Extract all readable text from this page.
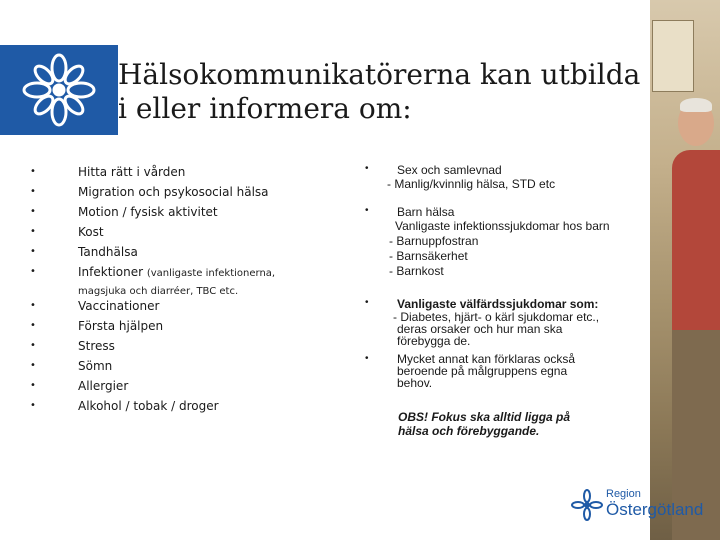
Hälsokommunikatörerna kan utbilda
i eller informera om:
•	Hitta rätt i vården
•	Migration och psykosocial hälsa
•	Motion / fysisk aktivitet
•	Kost
•	Tandhälsa
•	Infektioner (vanligaste infektionerna,
magsjuka och diarréer, TBC etc.
•	Vaccinationer
•	Första hjälpen
•	Stress
•	Sömn
•	Allergier
•	Alkohol / tobak / droger
•	Sex och samlevnad
- Manlig/kvinnlig hälsa, STD etc
•	Barn hälsa
Vanligaste infektionssjukdomar hos barn
- Barnuppfostran
- Barnsäkerhet
- Barnkost
•	Vanligaste välfärdssjukdomar som:
- Diabetes, hjärt- o kärl sjukdomar etc.,
deras orsaker och hur man ska
förebygga de.
•	Mycket annat kan förklaras också
beroende på målgruppens egna
behov.
OBS! Fokus ska alltid ligga på
hälsa och förebyggande.
Region
Östergötland
